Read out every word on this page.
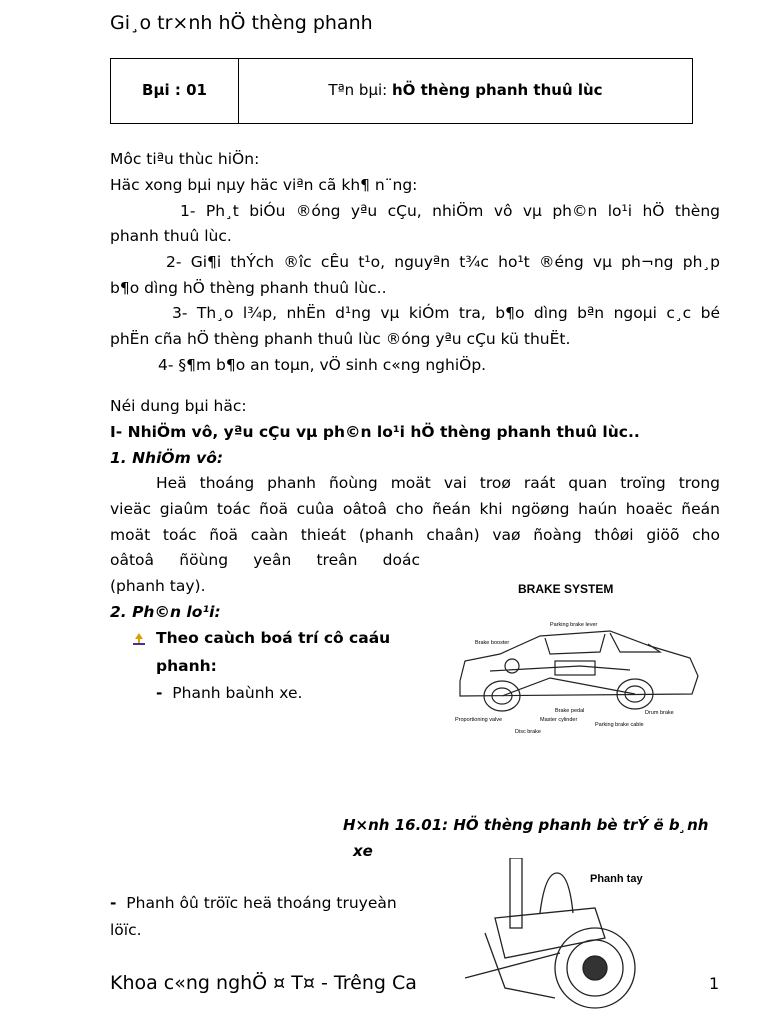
Gi¸o tr×nh hÖ thèng phanh
Bµi : 01	Tªn bµi: hÖ thèng phanh thuû lùc
Môc tiªu thùc hiÖn:
Häc xong bµi nµy häc viªn cã kh¶ n¨ng:
1- Ph¸t biÓu ®óng yªu cÇu, nhiÖm vô vµ ph©n lo¹i hÖ thèng
phanh thuû lùc.
2- Gi¶i thÝch ®îc cÊu t¹o, nguyªn t¾c ho¹t ®éng vµ ph¬ng ph¸p
b¶o dìng hÖ thèng phanh thuû lùc..
3- Th¸o l¾p, nhËn d¹ng vµ kiÓm tra, b¶o dìng bªn ngoµi c¸c bé
phËn cña hÖ thèng phanh thuû lùc ®óng yªu cÇu kü thuËt.
4- §¶m b¶o an toµn, vÖ sinh c«ng nghiÖp.
Néi dung bµi häc:
I- NhiÖm vô, yªu cÇu vµ ph©n lo¹i hÖ thèng phanh thuû lùc..
1. NhiÖm vô:
Heä thoáng phanh ñoùng moät vai troø raát quan troïng trong
vieäc giaûm toác ñoä cuûa oâtoâ cho ñeán khi ngöøng haún hoaëc ñeán
moät toác ñoä caàn thieát (phanh chaân) vaø ñoàng thôøi giöõ cho
oâtoâ ñöùng yeân treân doác
(phanh tay).
2. Ph©n lo¹i:
Theo caùch boá trí cô caáu
phanh:
- Phanh baùnh xe.
BRAKE SYSTEM
Parking brake lever
Brake booster
Brake pedal	Drum brake
Master cylinder
Proportioning valve
Parking brake cable
Disc brake
H×nh 16.01: HÖ thèng phanh bè trÝ ë b¸nh
xe
- Phanh ôû tröïc heä thoáng truyeàn
löïc.
Phanh tay
Khoa c«ng nghÖ ¤ T¤ - Trêng Ca	1
